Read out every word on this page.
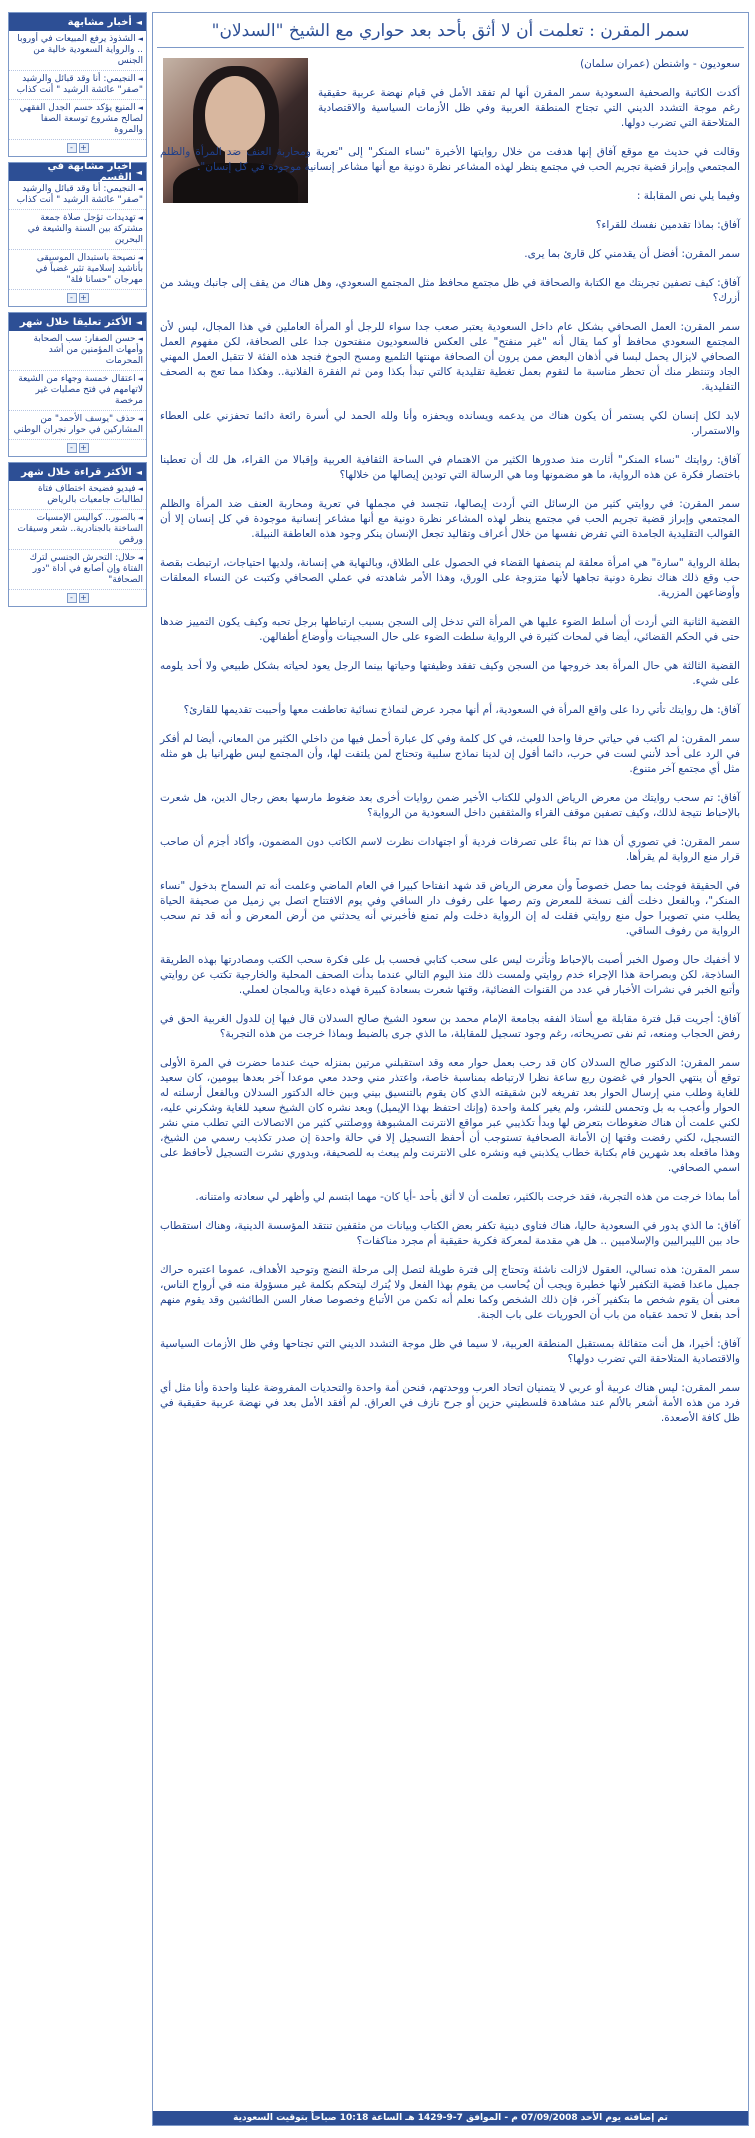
◄
أخبار مشابهة
◄الشذوذ يرفع المبيعات في أوروبا .. والرواية السعودية خالية من الجنس
◄النجيمي: أنا وقد قبائل والرشيد "صقر" عائشة الرشيد " أنت كذاب
◄المنيع يؤكد حسم الجدل الفقهي لصالح مشروع توسعة الصفا والمروة
+
-
◄
أخبار مشابهة في القسم
◄النجيمي: أنا وقد قبائل والرشيد "صقر" عائشة الرشيد " أنت كذاب
◄تهديدات تؤجل صلاة جمعة مشتركة بين السنة والشيعة في البحرين
◄نصيحة باستبدال الموسيقى بأناشيد إسلامية تثير غضباً في مهرجان "حسانا فلة"
+
-
◄
الأكثر تعليقا خلال شهر
◄حسن الصفار: سب الصحابة وأمهات المؤمنين من أشد المحرمات
◄اعتقال خمسة وجهاء من الشيعة لاتهامهم في فتح مصليات غير مرخصة
◄حذف "يوسف الأحمد" من المشاركين في حوار نجران الوطني
+
-
◄
الأكثر قراءة خلال شهر
◄فيديو فضيحة اختطاف فتاة لطالبات جامعيات بالرياض
◄بالصور.. كواليس الإمسيات الساخنة بالجنادرية.. شعر وسيقات ورقص
◄حلال: التحرش الجنسي لترك الفتاة وإن أصابع في أداة "دور الصحافة"
+
-
سمر المقرن : تعلمت أن لا أثق بأحد بعد حواري مع الشيخ "السدلان"

سعوديون - واشنطن (عمران سلمان)

أكدت الكاتبة والصحفية السعودية سمر المقرن أنها لم تفقد الأمل في قيام نهضة عربية حقيقية رغم موجة التشدد الديني التي تجتاح المنطقة العربية وفي ظل الأزمات السياسية والاقتصادية المتلاحقة التي تضرب دولها.

وقالت في حديث مع موقع آفاق إنها هدفت من خلال روايتها الأخيرة "نساء المنكر" إلى "تعرية ومحاربة العنف ضد المرأة والظلم المجتمعي وإبراز قضية تجريم الحب في مجتمع ينظر لهذه المشاعر نظرة دونية مع أنها مشاعر إنسانية موجودة في كل إنسان".

وفيما يلي نص المقابلة :

آفاق: بماذا تقدمين نفسك للقراء؟

سمر المقرن: أفضل أن يقدمني كل قارئ بما يرى.

آفاق: كيف تصفين تجربتك مع الكتابة والصحافة في ظل مجتمع محافظ مثل المجتمع السعودي، وهل هناك من يقف إلى جانبك ويشد من أزرك؟

سمر المقرن: العمل الصحافي بشكل عام داخل السعودية يعتبر صعب جدا سواء للرجل أو المرأة العاملين في هذا المجال، ليس لأن المجتمع السعودي محافظ أو كما يقال أنه "غير منفتح" على العكس فالسعوديون منفتحون جدا على الصحافة، لكن مفهوم العمل الصحافي لايزال يحمل لبسا في أذهان البعض ممن يرون أن الصحافة مهنتها التلميع ومسح الجوخ فنجد هذه الفئة لا تتقبل العمل المهني الجاد وتنتظر منك أن تحظر مناسبة ما لتقوم بعمل تغطية تقليدية كالتي تبدأ بكذا ومن ثم الفقرة الفلانية.. وهكذا مما تعج به الصحف التقليدية.

لابد لكل إنسان لكي يستمر أن يكون هناك من يدعمه ويسانده ويحفزه وأنا ولله الحمد لي أسرة رائعة دائما تحفزني على العطاء والاستمرار.

آفاق: روايتك "نساء المنكر" أثارت منذ صدورها الكثير من الاهتمام في الساحة الثقافية العربية وإقبالا من القراء، هل لك أن تعطينا باختصار فكرة عن هذه الرواية، ما هو مضمونها وما هي الرسالة التي تودين إيصالها من خلالها؟

سمر المقرن: في روايتي كثير من الرسائل التي أردت إيصالها، تتجسد في مجملها في تعرية ومحاربة العنف ضد المرأة والظلم المجتمعي وإبراز قضية تجريم الحب في مجتمع ينظر لهذه المشاعر نظرة دونية مع أنها مشاعر إنسانية موجودة في كل إنسان إلا أن القوالب التقليدية الجامدة التي تفرض نفسها من خلال أعراف وتقاليد تجعل الإنسان ينكر وجود هذه العاطفة النبيلة.

بطلة الرواية "سارة" هي امرأة معلقة لم ينصفها القضاء في الحصول على الطلاق، وبالنهاية هي إنسانة، ولديها احتياجات، ارتبطت بقصة حب وقع ذلك هناك نظرة دونية تجاهها لأنها متزوجة على الورق، وهذا الأمر شاهدته في عملي الصحافي وكتبت عن النساء المعلقات وأوضاعهن المزرية.

القضية الثانية التي أردت أن أسلط الضوء عليها هي المرأة التي تدخل إلى السجن بسبب ارتباطها برجل تحبه وكيف يكون التمييز ضدها حتى في الحكم القضائي، أيضا في لمحات كثيرة في الرواية سلطت الضوء على حال السجينات وأوضاع أطفالهن.

القضية الثالثة هي حال المرأة بعد خروجها من السجن وكيف تفقد وظيفتها وحياتها بينما الرجل يعود لحياته بشكل طبيعي ولا أحد يلومه على شيء.

آفاق: هل روايتك تأتي ردا على واقع المرأة في السعودية، أم أنها مجرد عرض لنماذج نسائية تعاطفت معها وأحببت تقديمها للقارئ؟

سمر المقرن: لم اكتب في حياتي حرفا واحدا للعبث، في كل كلمة وفي كل عبارة أحمل فيها من داخلي الكثير من المعاني، أيضا لم أفكر في الرد على أحد لأنني لست في حرب، دائما أقول إن لدينا نماذج سلبية وتحتاج لمن يلتفت لها، وأن المجتمع ليس طهرانيا بل هو مثله مثل أي مجتمع آخر متنوع.

آفاق: تم سحب روايتك من معرض الرياض الدولي للكتاب الأخير ضمن روايات أخرى بعد ضغوط مارسها بعض رجال الدين، هل شعرت بالإحباط نتيجة لذلك، وكيف تصفين موقف القراء والمثقفين داخل السعودية من الرواية؟

سمر المقرن: في تصوري أن هذا تم بناءً على تصرفات فردية أو اجتهادات نظرت لاسم الكاتب دون المضمون، وأكاد أجزم أن صاحب قرار منع الرواية لم يقرأها.

في الحقيقة فوجئت بما حصل خصوصاً وأن معرض الرياض قد شهد انفتاحا كبيرا في العام الماضي وعلمت أنه تم السماح بدخول "نساء المنكر"، وبالفعل دخلت ألف نسخة للمعرض وتم رصها على رفوف دار الساقي وفي يوم الافتتاح اتصل بي زميل من صحيفة الحياة يطلب مني تصويرا حول منع روايتي فقلت له إن الرواية دخلت ولم تمنع فأخبرني أنه يحدثني من أرض المعرض و أنه قد تم سحب الرواية من رفوف الساقي.

لا أخفيك حال وصول الخبر أصبت بالإحباط وتأثرت ليس على سحب كتابي فحسب بل على فكرة سحب الكتب ومصادرتها بهذه الطريقة الساذجة، لكن وبصراحة هذا الإجراء خدم روايتي ولمست ذلك منذ اليوم التالي عندما بدأت الصحف المحلية والخارجية تكتب عن روايتي وأتبع الخبر في نشرات الأخبار في عدد من القنوات الفضائية، وقتها شعرت بسعادة كبيرة فهذه دعاية وبالمجان لعملي.

آفاق: أجريت قبل فترة مقابلة مع أستاذ الفقه بجامعة الإمام محمد بن سعود الشيخ صالح السدلان قال فيها إن للدول الغربية الحق في رفض الحجاب ومنعه، ثم نفى تصريحاته، رغم وجود تسجيل للمقابلة، ما الذي جرى بالضبط وبماذا خرجت من هذه التجربة؟

سمر المقرن: الدكتور صالح السدلان كان قد رحب بعمل حوار معه وقد استقبلني مرتين بمنزله حيث عندما حضرت في المرة الأولى توقع أن ينتهي الحوار في غضون ربع ساعة نظرا لارتباطه بمناسبة خاصة، واعتذر مني وحدد معي موعدا آخر بعدها بيومين، كان سعيد للغاية وطلب مني إرسال الحوار بعد تفريغه لابن شقيقته الذي كان يقوم بالتنسيق بيني وبين خاله الدكتور السدلان وبالفعل أرسلته له الحوار وأعجب به بل وتحمس للنشر، ولم يغير كلمة واحدة (وإنك احتفظ بهذا الإيميل) وبعد نشره كان الشيخ سعيد للغاية وشكرني عليه، لكني علمت أن هناك ضغوطات بتعرض لها وبدأ تكذيبي عبر مواقع الانترنت المشبوهة ووصلتني كثير من الاتصالات التي تطلب مني نشر التسجيل، لكني رفضت وقتها إن الأمانة الصحافية تستوجب أن أحفظ التسجيل إلا في حالة واحدة إن صدر تكذيب رسمي من الشيخ، وهذا ماقعله بعد شهرين قام بكتابة خطاب يكذبني فيه ونشره على الانترنت ولم يبعث به للصحيفة، وبدوري نشرت التسجيل لأحافظ على اسمي الصحافي.

أما بماذا خرجت من هذه التجربة، فقد خرجت بالكثير، تعلمت أن لا أثق بأحد -أيا كان- مهما ابتسم لي وأظهر لي سعادته وامتنانه.

آفاق: ما الذي يدور في السعودية حاليا، هناك فتاوى دينية تكفر بعض الكتاب وبيانات من مثقفين تنتقد المؤسسة الدينية، وهناك استقطاب حاد بين الليبراليين والإسلاميين .. هل هي مقدمة لمعركة فكرية حقيقية أم مجرد مناكفات؟

سمر المقرن: هذه تسالي، العقول لازالت ناشئة وتحتاج إلى فترة طويلة لتصل إلى مرحلة النضج وتوحيد الأهداف، عموما اعتبره حراك جميل ماعدا قضية التكفير لأنها خطيرة ويجب أن يُحاسب من يقوم بهذا الفعل ولا يُترك ليتحكم بكلمة غير مسؤولة منه في أرواح الناس، معنى أن يقوم شخص ما بتكفير آخر، فإن ذلك الشخص وكما نعلم أنه تكمن من الأتباع وخصوصا صغار السن الطائشين وقد يقوم منهم أحد بفعل لا تحمد عقباه من باب أن الحوريات على باب الجنة.

آفاق: أخيرا، هل أنت متفائلة بمستقبل المنطقة العربية، لا سيما في ظل موجة التشدد الديني التي تجتاحها وفي ظل الأزمات السياسية والاقتصادية المتلاحقة التي تضرب دولها؟

سمر المقرن: ليس هناك عربية أو عربي لا يتمنيان اتحاد العرب ووحدتهم، فنحن أمة واحدة والتحديات المفروضة علينا واحدة وأنا مثل أي فرد من هذه الأمة أشعر بالألم عند مشاهدة فلسطيني حزين أو جرح نازف في العراق. لم أفقد الأمل بعد في نهضة عربية حقيقية في ظل كافة الأصعدة.

تم إضافته يوم الأحد 07/09/2008 م - الموافق 7-9-1429 هـ الساعة 10:18 صباحاً بتوقيت السعودية
